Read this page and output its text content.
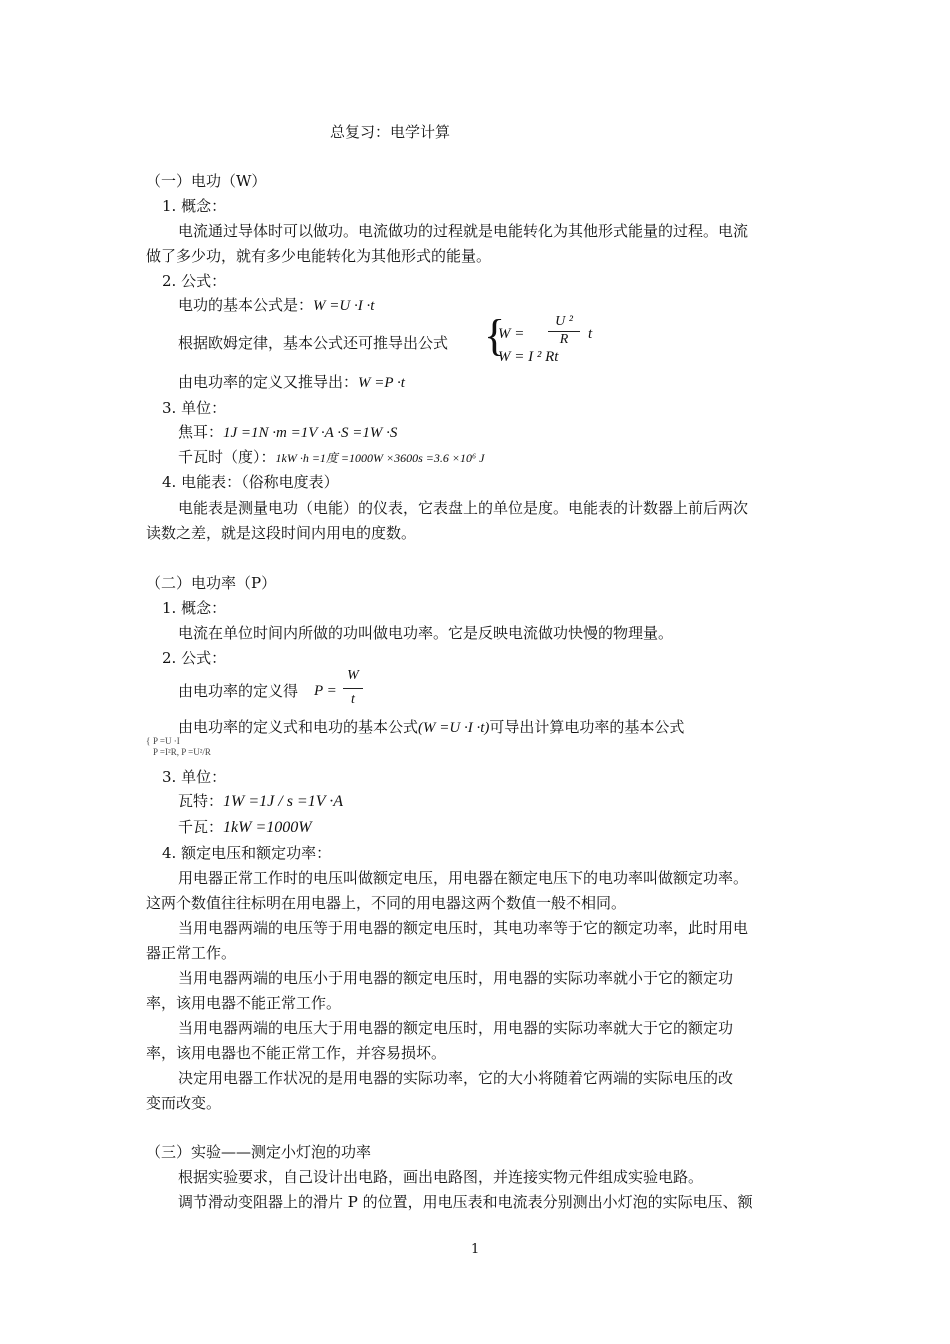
总复习：电学计算
（一）电功（W）
1. 概念：
电流通过导体时可以做功。电流做功的过程就是电能转化为其他形式能量的过程。电流
做了多少功，就有多少电能转化为其他形式的能量。
2. 公式：
电功的基本公式是：W =U ·I ·t
根据欧姆定律，基本公式还可推导出公式 {
W =
U ²
R	t
W = I ² Rt
由电功率的定义又推导出：W =P ·t
3. 单位：
焦耳：1J =1N ·m =1V ·A ·S =1W ·S
千瓦时（度）：1kW ·h =1度 =1000W ×3600s =3.6 ×10⁶ J
4. 电能表：（俗称电度表）
电能表是测量电功（电能）的仪表，它表盘上的单位是度。电能表的计数器上前后两次
读数之差，就是这段时间内用电的度数。
（二）电功率（P）
1. 概念：
电流在单位时间内所做的功叫做电功率。它是反映电流做功快慢的物理量。
2. 公式：
由电功率的定义得 P =
W
t
由电功率的定义式和电功的基本公式(W =U ·I ·t)可导出计算电功率的基本公式
{ P =U ·I
P =I²R, P =U²/R
3. 单位：
瓦特：1W =1J / s =1V ·A
千瓦：1kW =1000W
4. 额定电压和额定功率：
用电器正常工作时的电压叫做额定电压，用电器在额定电压下的电功率叫做额定功率。
这两个数值往往标明在用电器上，不同的用电器这两个数值一般不相同。
当用电器两端的电压等于用电器的额定电压时，其电功率等于它的额定功率，此时用电
器正常工作。
当用电器两端的电压小于用电器的额定电压时，用电器的实际功率就小于它的额定功
率，该用电器不能正常工作。
当用电器两端的电压大于用电器的额定电压时，用电器的实际功率就大于它的额定功
率，该用电器也不能正常工作，并容易损坏。
决定用电器工作状况的是用电器的实际功率，它的大小将随着它两端的实际电压的改
变而改变。
（三）实验——测定小灯泡的功率
根据实验要求，自己设计出电路，画出电路图，并连接实物元件组成实验电路。
调节滑动变阻器上的滑片 P 的位置，用电压表和电流表分别测出小灯泡的实际电压、额
1
